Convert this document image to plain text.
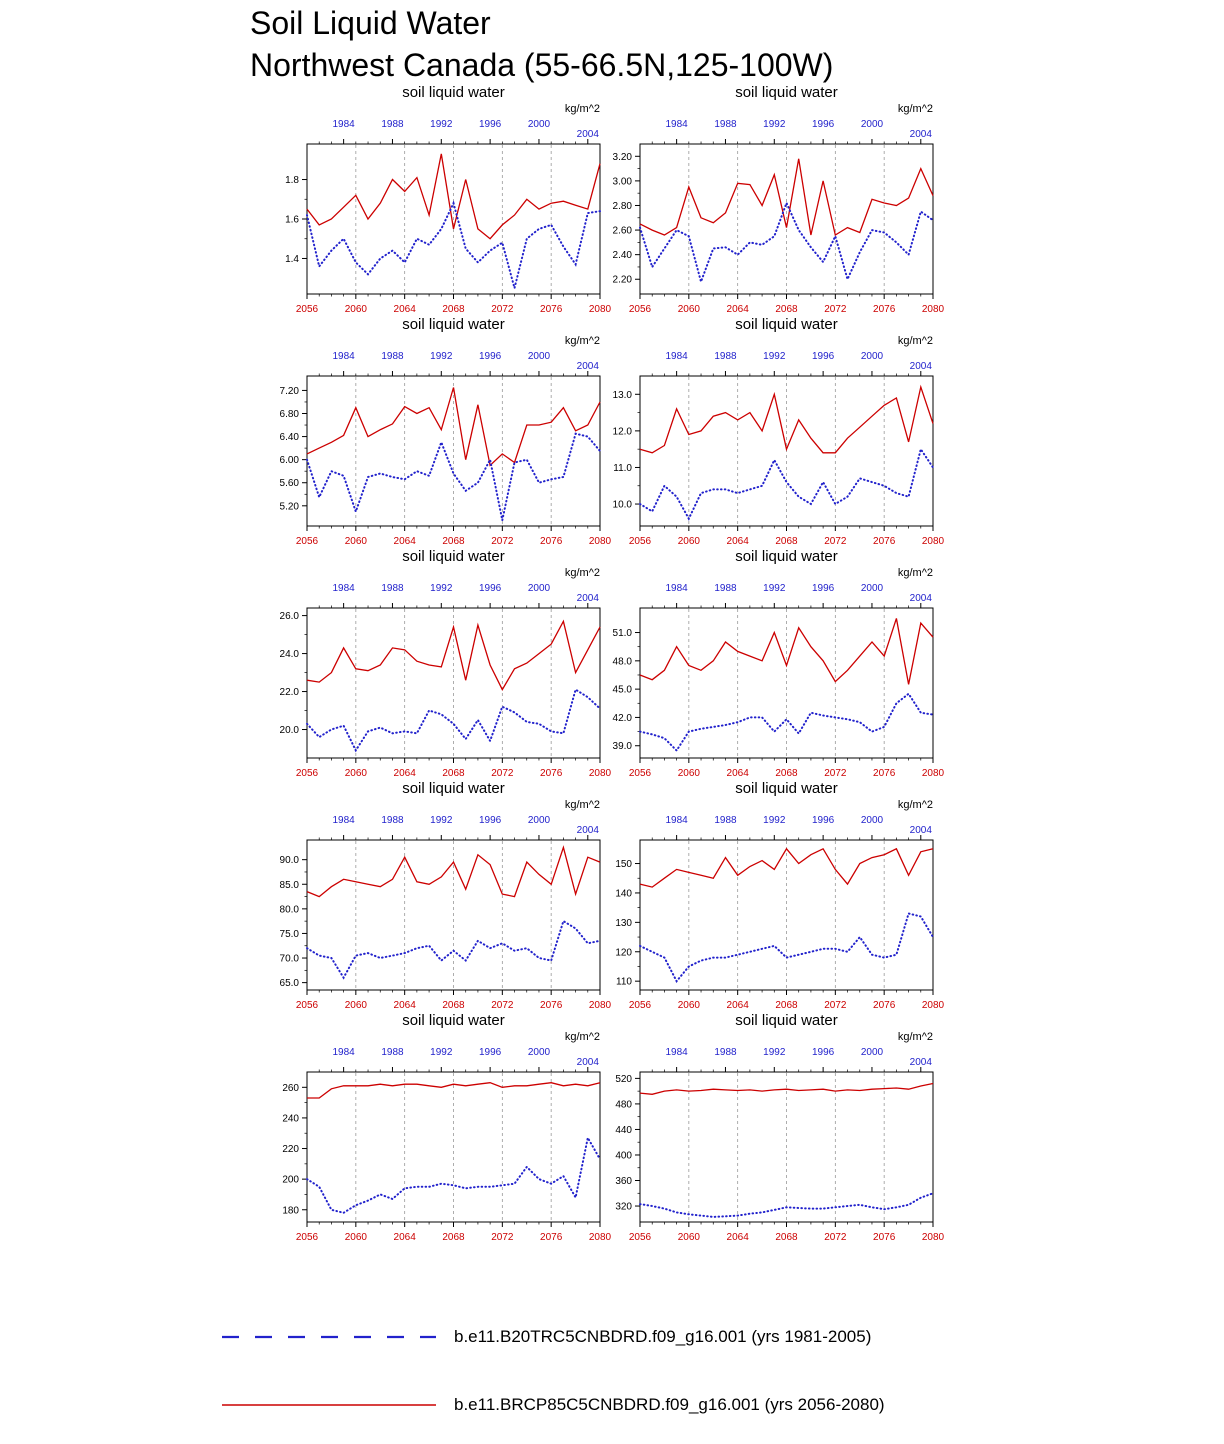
Soil Liquid Water
Northwest Canada (55-66.5N,125-100W)
soil liquid water
kg/m^2
1984	1988	1992	1996	2000
2004
2056	2060	2064	2068	2072	2076	2080
1.4
1.6
1.8
soil liquid water
kg/m^2
1984	1988	1992	1996	2000
2004
2056	2060	2064	2068	2072	2076	2080
2.20
2.40
2.60
2.80
3.00
3.20
soil liquid water
kg/m^2
1984	1988	1992	1996	2000
2004
2056	2060	2064	2068	2072	2076	2080
5.20
5.60
6.00
6.40
6.80
7.20
soil liquid water
kg/m^2
1984	1988	1992	1996	2000
2004
2056	2060	2064	2068	2072	2076	2080
10.0
11.0
12.0
13.0
soil liquid water
kg/m^2
1984	1988	1992	1996	2000
2004
2056	2060	2064	2068	2072	2076	2080
20.0
22.0
24.0
26.0
soil liquid water
kg/m^2
1984	1988	1992	1996	2000
2004
2056	2060	2064	2068	2072	2076	2080
39.0
42.0
45.0
48.0
51.0
soil liquid water
kg/m^2
1984	1988	1992	1996	2000
2004
2056	2060	2064	2068	2072	2076	2080
65.0
70.0
75.0
80.0
85.0
90.0
soil liquid water
kg/m^2
1984	1988	1992	1996	2000
2004
2056	2060	2064	2068	2072	2076	2080
110
120
130
140
150
soil liquid water
kg/m^2
1984	1988	1992	1996	2000
2004
2056	2060	2064	2068	2072	2076	2080
180
200
220
240
260
soil liquid water
kg/m^2
1984	1988	1992	1996	2000
2004
2056	2060	2064	2068	2072	2076	2080
320
360
400
440
480
520
b.e11.B20TRC5CNBDRD.f09_g16.001 (yrs 1981-2005)
b.e11.BRCP85C5CNBDRD.f09_g16.001 (yrs 2056-2080)
